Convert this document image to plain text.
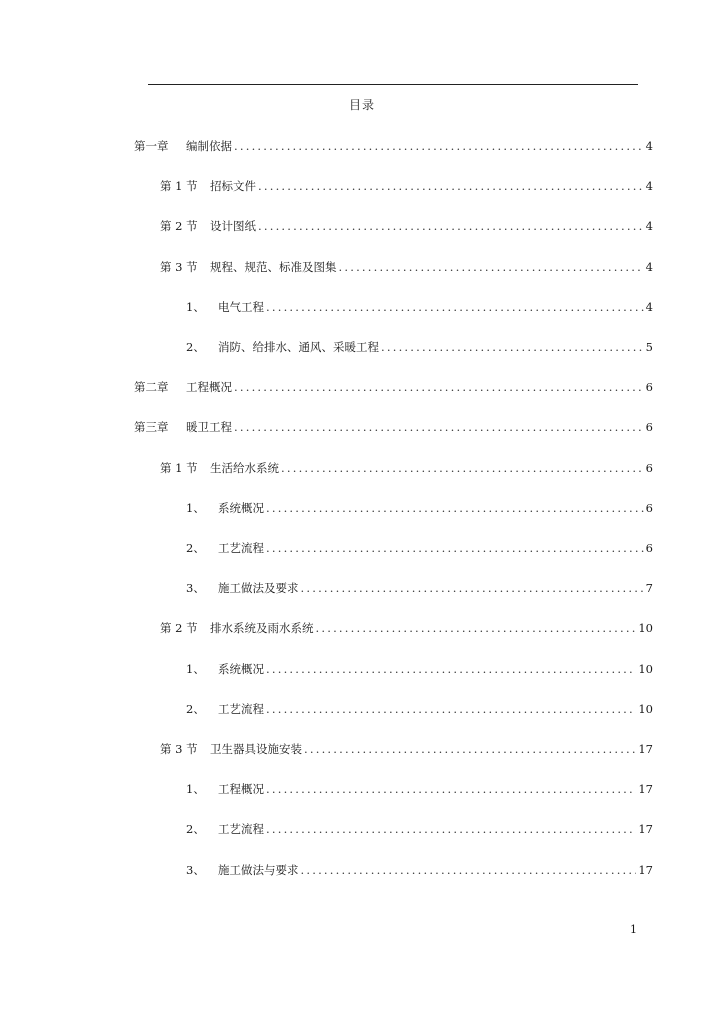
目录
第一章	编制依据 .....	4
第 1 节	招标文件 .....	4
第 2 节	设计图纸 .....	4
第 3 节	规程、规范、标准及图集 .....	4
1、	电气工程 .....	4
2、	消防、给排水、通风、采暖工程 .....	5
第二章	工程概况 .....	6
第三章	暖卫工程 .....	6
第 1 节	生活给水系统 .....	6
1、	系统概况 .....	6
2、	工艺流程 .....	6
3、	施工做法及要求 .....	7
第 2 节	排水系统及雨水系统 .....	10
1、	系统概况 .....	10
2、	工艺流程 .....	10
第 3 节	卫生器具设施安装 .....	17
1、	工程概况 .....	17
2、	工艺流程 .....	17
3、	施工做法与要求 .....	17
1
